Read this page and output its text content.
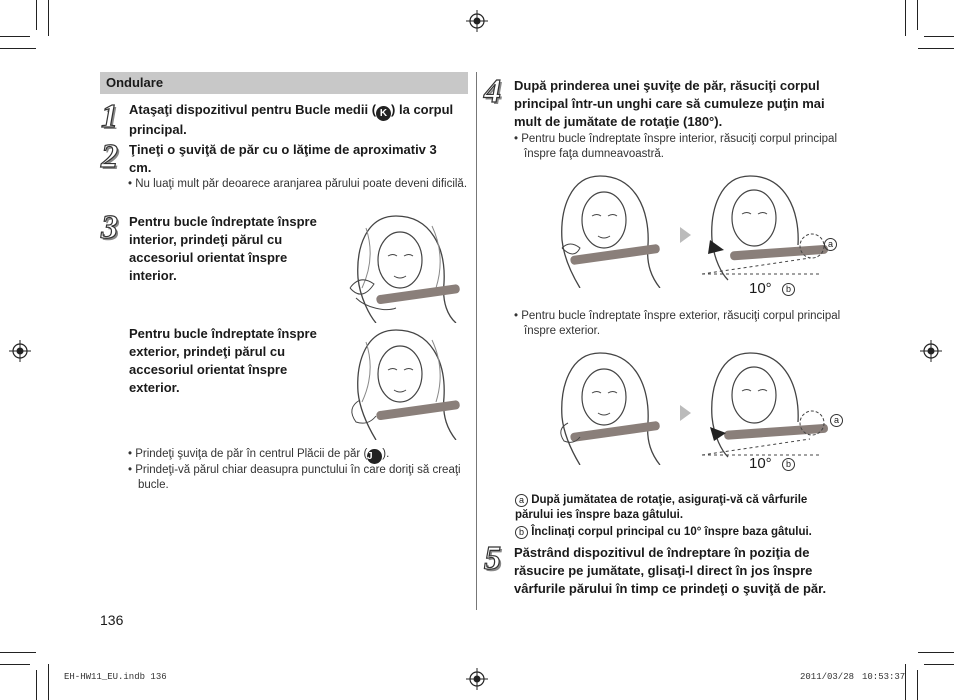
Ondulare
1 Ataşaţi dispozitivul pentru Bucle medii ( K ) la corpul principal.
2 Ţineţi o şuviţă de păr cu o lăţime de aproximativ 3 cm.
• Nu luaţi mult păr deoarece aranjarea părului poate deveni dificilă.
3 Pentru bucle îndreptate înspre interior, prindeţi părul cu accesoriul orientat înspre interior.
Pentru bucle îndreptate înspre exterior, prindeţi părul cu accesoriul orientat înspre exterior.
• Prindeţi şuviţa de păr în centrul Plăcii de păr (J ).
• Prindeţi-vă părul chiar deasupra punctului în care doriţi să creaţi bucle.
4 După prinderea unei şuviţe de păr, răsuciţi corpul principal într-un unghi care să cumuleze puţin mai mult de jumătate de rotaţie (180°).
• Pentru bucle îndreptate înspre interior, răsuciţi corpul principal înspre faţa dumneavoastră.
10°	b
a
• Pentru bucle îndreptate înspre exterior, răsuciţi corpul principal înspre exterior.
10°	b
a
a După jumătatea de rotaţie, asiguraţi-vă că vârfurile părului ies înspre baza gâtului.
b Înclinaţi corpul principal cu 10° înspre baza gâtului.
5 Păstrând dispozitivul de îndreptare în poziţia de răsucire pe jumătate, glisaţi-l direct în jos înspre vârfurile părului în timp ce prindeţi o şuviţă de păr.
136
EH-HW11_EU.indb 136	2011/03/28 10:53:37
